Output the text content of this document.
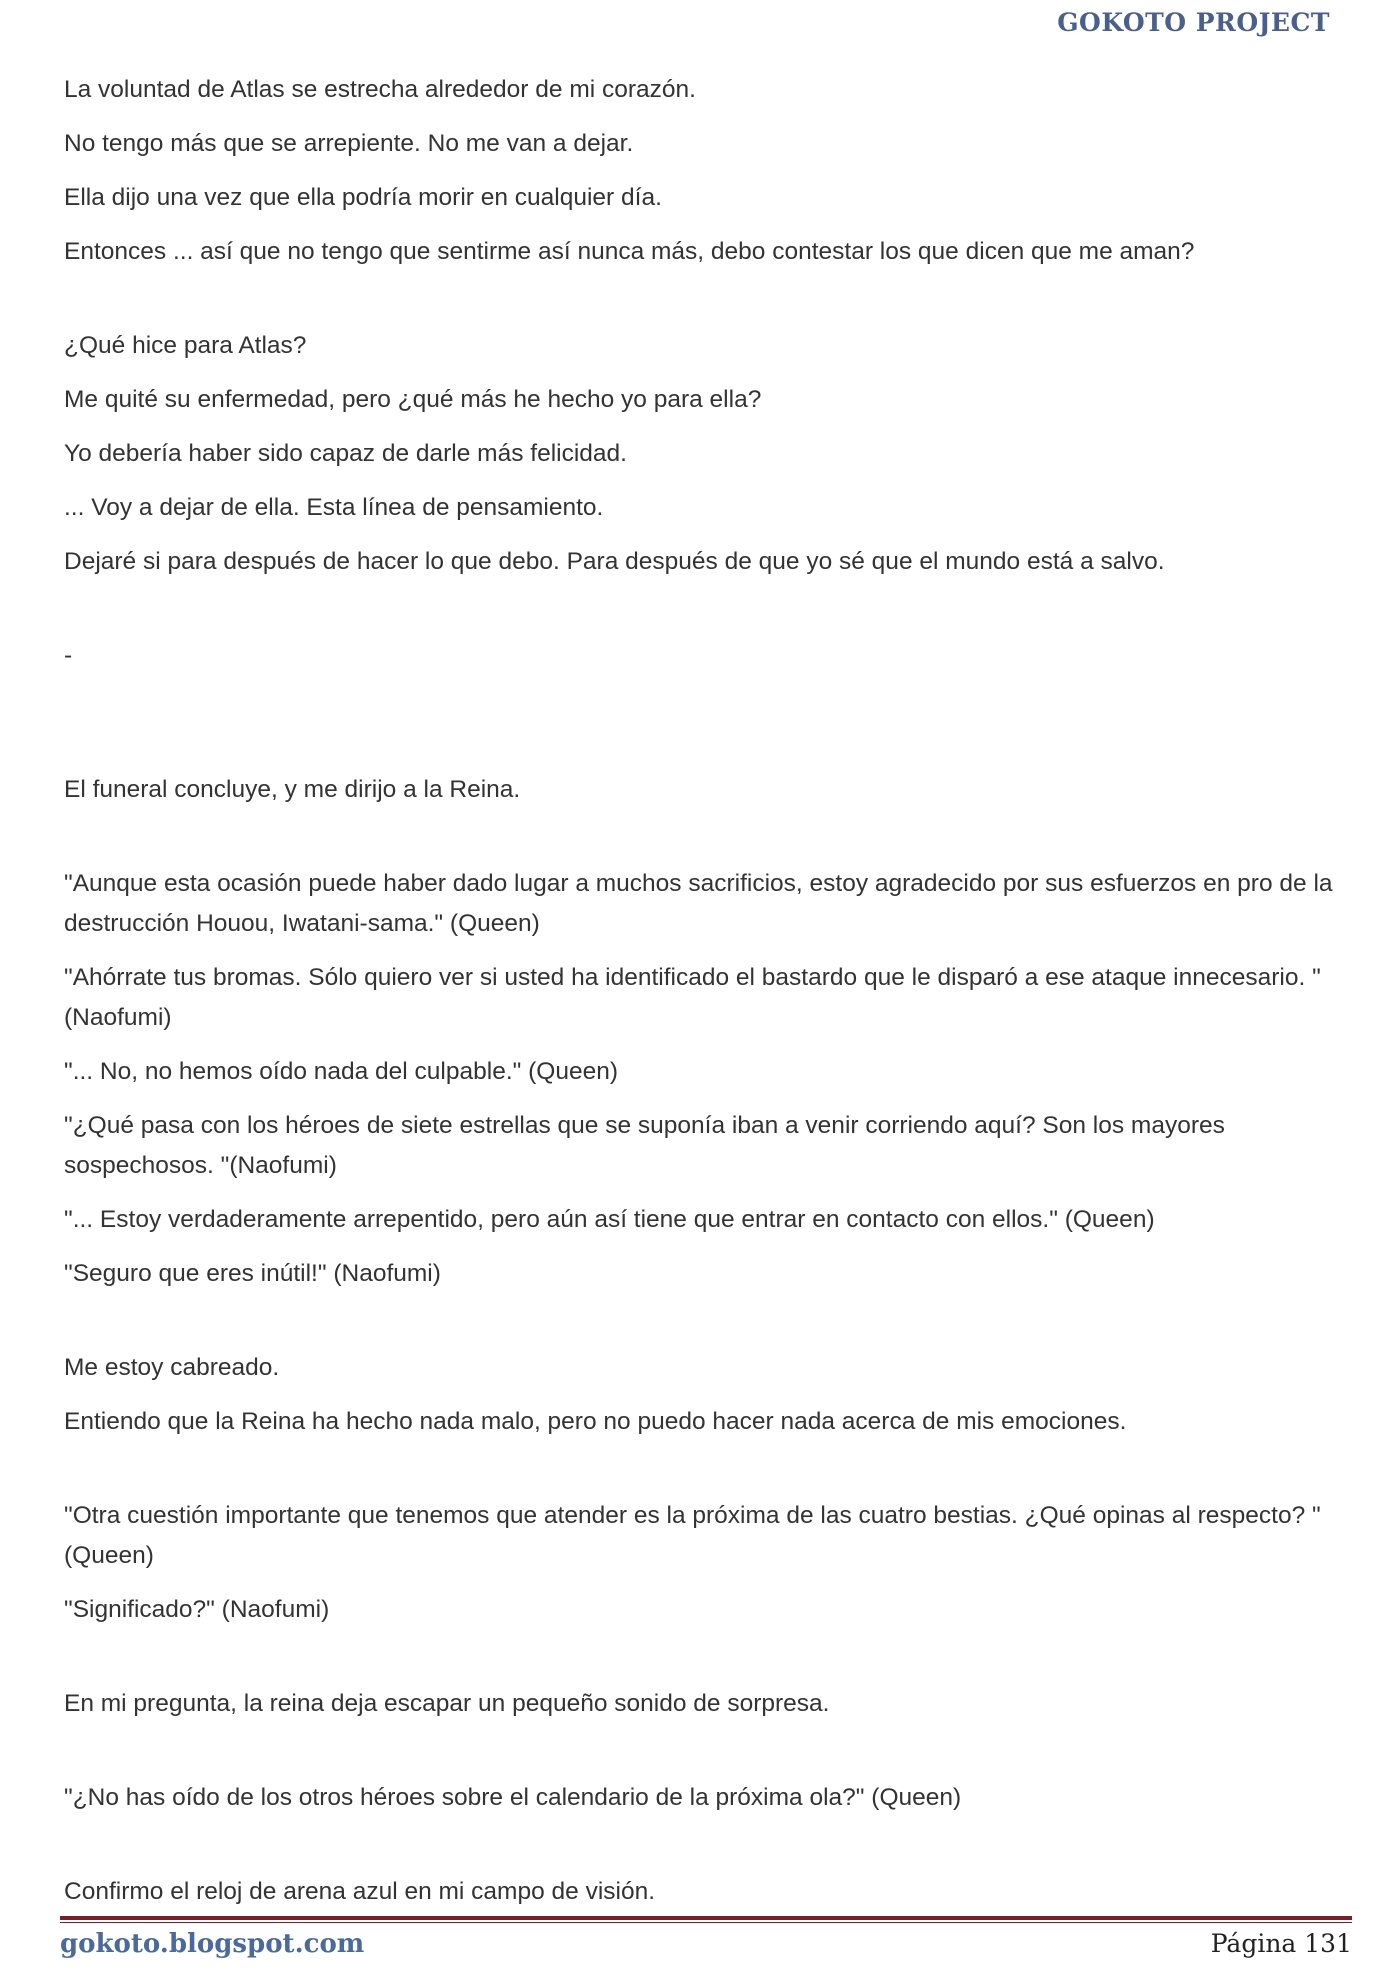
GOKOTO PROJECT

La voluntad de Atlas se estrecha alrededor de mi corazón.

No tengo más que se arrepiente. No me van a dejar.

Ella dijo una vez que ella podría morir en cualquier día.

Entonces ... así que no tengo que sentirme así nunca más, debo contestar los que dicen que me aman?

¿Qué hice para Atlas?

Me quité su enfermedad, pero ¿qué más he hecho yo para ella?

Yo debería haber sido capaz de darle más felicidad.

... Voy a dejar de ella. Esta línea de pensamiento.

Dejaré si para después de hacer lo que debo. Para después de que yo sé que el mundo está a salvo.

-

El funeral concluye, y me dirijo a la Reina.

"Aunque esta ocasión puede haber dado lugar a muchos sacrificios, estoy agradecido por sus esfuerzos en pro de la destrucción Houou, Iwatani-sama." (Queen)

"Ahórrate tus bromas. Sólo quiero ver si usted ha identificado el bastardo que le disparó a ese ataque innecesario. "(Naofumi)

"... No, no hemos oído nada del culpable." (Queen)

"¿Qué pasa con los héroes de siete estrellas que se suponía iban a venir corriendo aquí? Son los mayores sospechosos. "(Naofumi)

"... Estoy verdaderamente arrepentido, pero aún así tiene que entrar en contacto con ellos." (Queen)

"Seguro que eres inútil!" (Naofumi)

Me estoy cabreado.

Entiendo que la Reina ha hecho nada malo, pero no puedo hacer nada acerca de mis emociones.

"Otra cuestión importante que tenemos que atender es la próxima de las cuatro bestias. ¿Qué opinas al respecto? "(Queen)

"Significado?" (Naofumi)

En mi pregunta, la reina deja escapar un pequeño sonido de sorpresa.

"¿No has oído de los otros héroes sobre el calendario de la próxima ola?" (Queen)

Confirmo el reloj de arena azul en mi campo de visión.

gokoto.blogspot.com	Página 131
